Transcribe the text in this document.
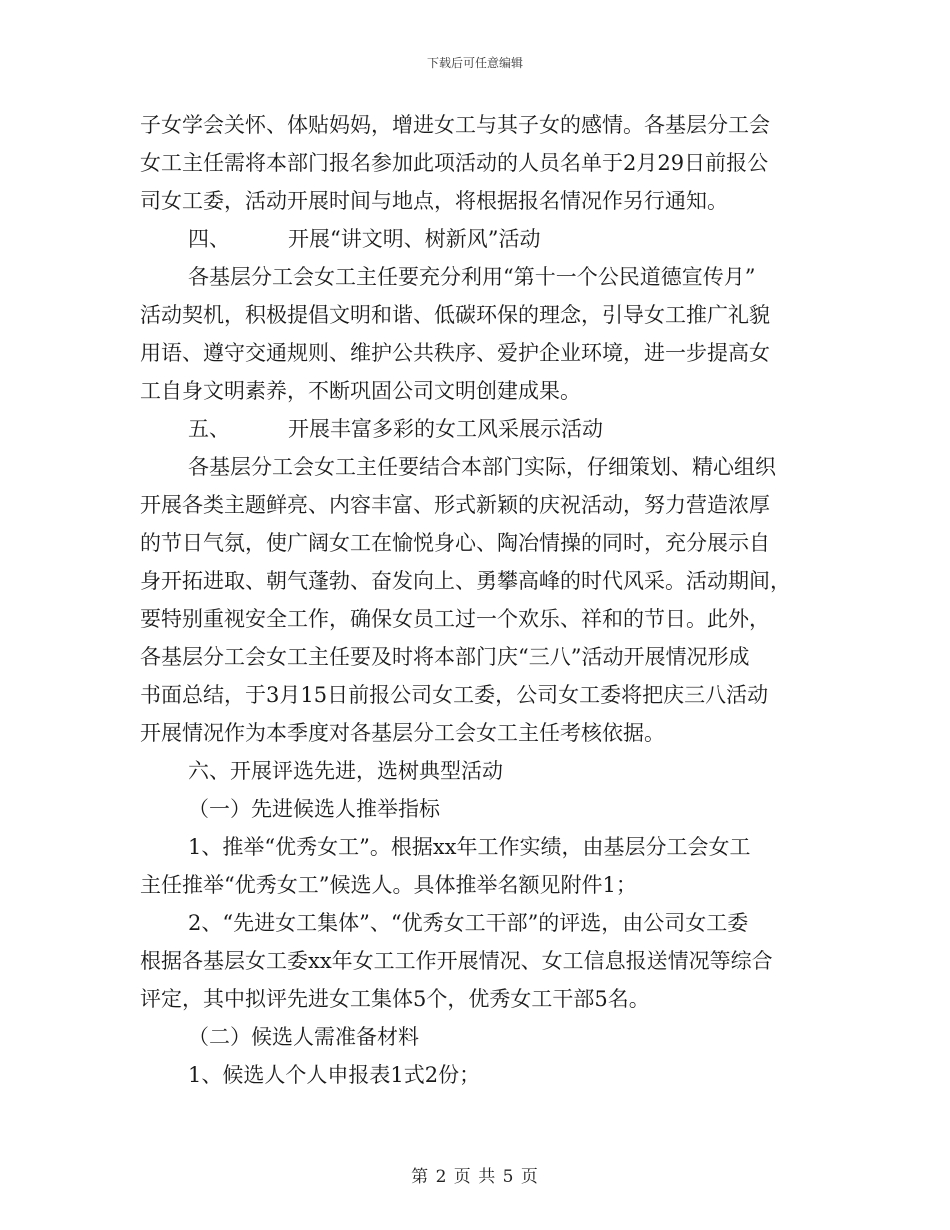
下载后可任意编辑
子女学会关怀、体贴妈妈，增进女工与其子女的感情。各基层分工会
女工主任需将本部门报名参加此项活动的人员名单于2月29日前报公
司女工委，活动开展时间与地点，将根据报名情况作另行通知。
四、	开展“讲文明、树新风”活动
各基层分工会女工主任要充分利用“第十一个公民道德宣传月”
活动契机，积极提倡文明和谐、低碳环保的理念，引导女工推广礼貌
用语、遵守交通规则、维护公共秩序、爱护企业环境，进一步提高女
工自身文明素养，不断巩固公司文明创建成果。
五、	开展丰富多彩的女工风采展示活动
各基层分工会女工主任要结合本部门实际，仔细策划、精心组织
开展各类主题鲜亮、内容丰富、形式新颖的庆祝活动，努力营造浓厚
的节日气氛，使广阔女工在愉悦身心、陶冶情操的同时，充分展示自
身开拓进取、朝气蓬勃、奋发向上、勇攀高峰的时代风采。活动期间，
要特别重视安全工作，确保女员工过一个欢乐、祥和的节日。此外，
各基层分工会女工主任要及时将本部门庆“三八”活动开展情况形成
书面总结，于3月15日前报公司女工委，公司女工委将把庆三八活动
开展情况作为本季度对各基层分工会女工主任考核依据。
六、开展评选先进，选树典型活动
（一）先进候选人推举指标
1、推举“优秀女工”。根据xx年工作实绩，由基层分工会女工
主任推举“优秀女工”候选人。具体推举名额见附件1；
2、“先进女工集体”、“优秀女工干部”的评选，由公司女工委
根据各基层女工委xx年女工工作开展情况、女工信息报送情况等综合
评定，其中拟评先进女工集体5个，优秀女工干部5名。
（二）候选人需准备材料
1、候选人个人申报表1式2份；
第 2 页 共 5 页
